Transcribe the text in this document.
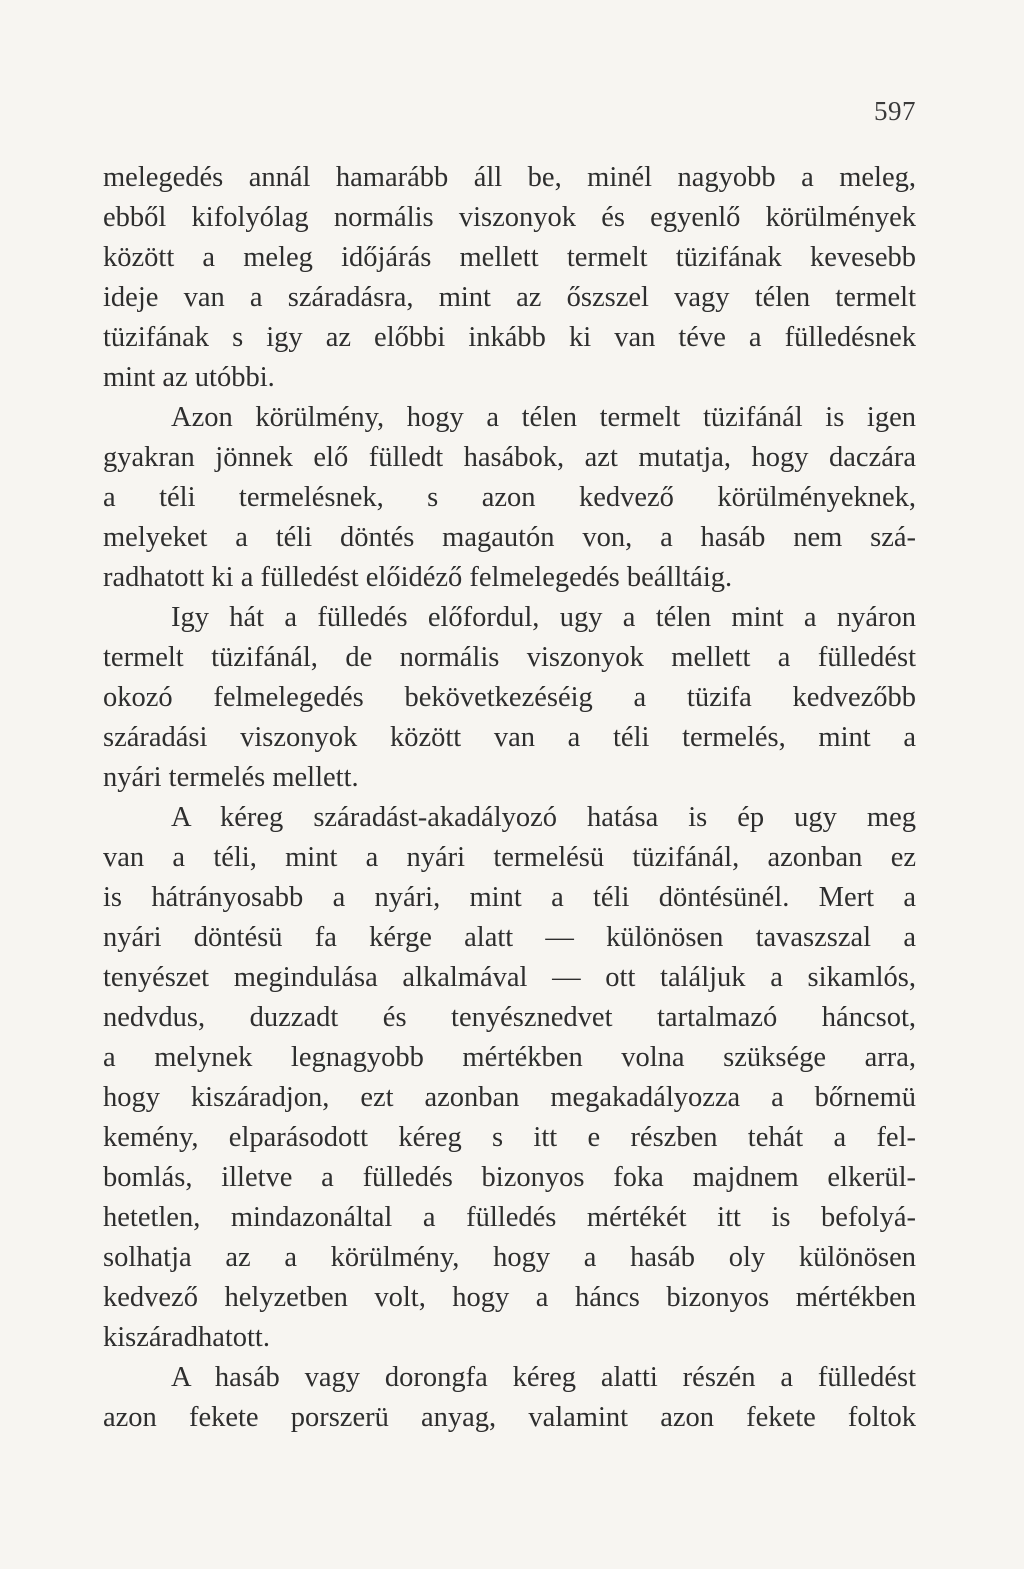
597
melegedés annál hamarább áll be, minél nagyobb a meleg,
ebből kifolyólag normális viszonyok és egyenlő körülmények
között a meleg időjárás mellett termelt tüzifának kevesebb
ideje van a száradásra, mint az őszszel vagy télen termelt
tüzifának s igy az előbbi inkább ki van téve a fülledésnek
mint az utóbbi.
Azon körülmény, hogy a télen termelt tüzifánál is igen
gyakran jönnek elő fülledt hasábok, azt mutatja, hogy daczára
a téli termelésnek, s azon kedvező körülményeknek,
melyeket a téli döntés magautón von, a hasáb nem szá-
radhatott ki a fülledést előidéző felmelegedés beálltáig.
Igy hát a fülledés előfordul, ugy a télen mint a nyáron
termelt tüzifánál, de normális viszonyok mellett a fülledést
okozó felmelegedés bekövetkezéséig a tüzifa kedvezőbb
száradási viszonyok között van a téli termelés, mint a
nyári termelés mellett.
A kéreg száradást-akadályozó hatása is ép ugy meg
van a téli, mint a nyári termelésü tüzifánál, azonban ez
is hátrányosabb a nyári, mint a téli döntésünél. Mert a
nyári döntésü fa kérge alatt — különösen tavaszszal a
tenyészet megindulása alkalmával — ott találjuk a sikamlós,
nedvdus, duzzadt és tenyésznedvet tartalmazó háncsot,
a melynek legnagyobb mértékben volna szüksége arra,
hogy kiszáradjon, ezt azonban megakadályozza a bőrnemü
kemény, elparásodott kéreg s itt e részben tehát a fel-
bomlás, illetve a fülledés bizonyos foka majdnem elkerül-
hetetlen, mindazonáltal a fülledés mértékét itt is befolyá-
solhatja az a körülmény, hogy a hasáb oly különösen
kedvező helyzetben volt, hogy a háncs bizonyos mértékben
kiszáradhatott.
A hasáb vagy dorongfa kéreg alatti részén a fülledést
azon fekete porszerü anyag, valamint azon fekete foltok
